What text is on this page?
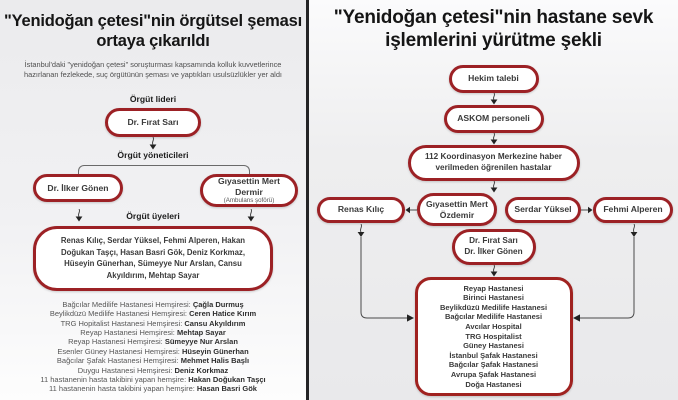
"Yenidoğan çetesi"nin örgütsel şeması ortaya çıkarıldı

İstanbul'daki "yenidoğan çetesi" soruşturması kapsamında kolluk kuvvetlerince hazırlanan fezlekede, suç örgütünün şeması ve yaptıkları usulsüzlükler yer aldı

Örgüt lideri
Dr. Fırat Sarı
Örgüt yöneticileri
Dr. İlker Gönen
Gıyasettin Mert Dermir
(Ambulans şoförü)
Örgüt üyeleri
Renas Kılıç, Serdar Yüksel, Fehmi Alperen, Hakan Doğukan Taşçı, Hasan Basri Gök, Deniz Korkmaz, Hüseyin Günerhan, Sümeyye Nur Arslan, Cansu Akyıldırım, Mehtap Sayar
Bağcılar Medilife Hastanesi Hemşiresi: Çağla Durmuş
Beylikdüzü Medilife Hastanesi Hemşiresi: Ceren Hatice Kırım
TRG Hopitalist Hastanesi Hemşiresi: Cansu Akyıldırım
Reyap Hastanesi Hemşiresi: Mehtap Sayar
Reyap Hastanesi Hemşiresi: Sümeyye Nur Arslan
Esenler Güney Hastanesi Hemşiresi: Hüseyin Günerhan
Bağcılar Şafak Hastanesi Hemşiresi: Mehmet Halis Başlı
Duygu Hastanesi Hemşiresi: Deniz Korkmaz
11 hastanenin hasta takibini yapan hemşire: Hakan Doğukan Taşçı
11 hastanenin hasta takibini yapan hemşire: Hasan Basri Gök
"Yenidoğan çetesi"nin hastane sevk işlemlerini yürütme şekli
Hekim talebi
ASKOM personeli
112 Koordinasyon Merkezine haber verilmeden öğrenilen hastalar
Renas Kılıç
Gıyasettin Mert Özdemir
Serdar Yüksel	Fehmi Alperen
Dr. Fırat Sarı
Dr. İlker Gönen
Reyap Hastanesi
Birinci Hastanesi
Beylikdüzü Medilife Hastanesi
Bağcılar Medilife Hastanesi
Avcılar Hospital
TRG Hospitalist
Güney Hastanesi
İstanbul Şafak Hastanesi
Bağcılar Şafak Hastanesi
Avrupa Şafak Hastanesi
Doğa Hastanesi
